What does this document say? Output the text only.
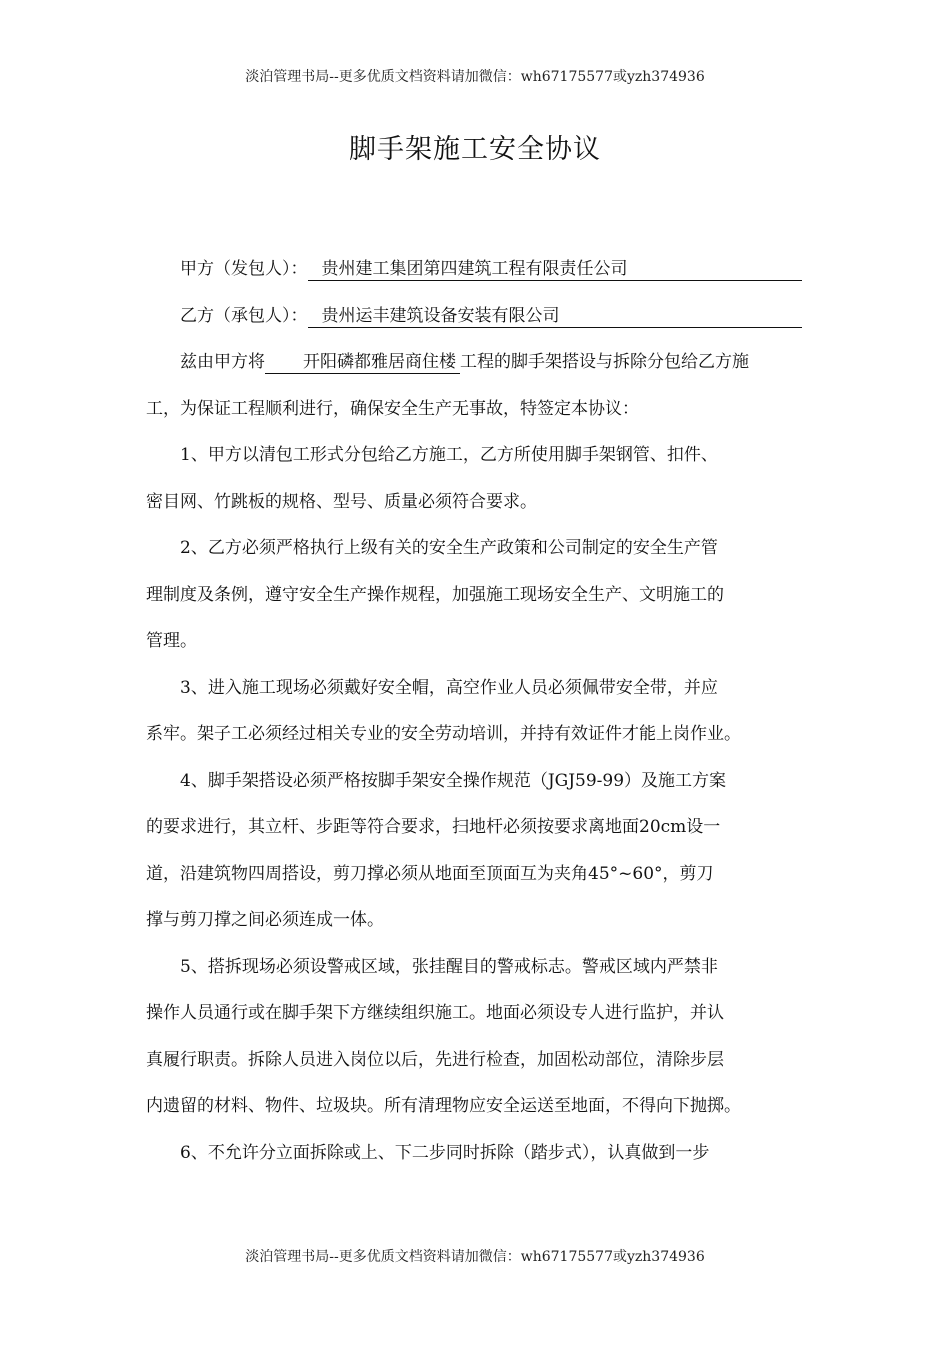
淡泊管理书局--更多优质文档资料请加微信：wh67175577或yzh374936
脚手架施工安全协议
甲方（发包人）： 贵州建工集团第四建筑工程有限责任公司
乙方（承包人）： 贵州运丰建筑设备安装有限公司

兹由甲方将 开阳磷都雅居商住楼 工程的脚手架搭设与拆除分包给乙方施

工，为保证工程顺利进行，确保安全生产无事故，特签定本协议：

1、甲方以清包工形式分包给乙方施工，乙方所使用脚手架钢管、扣件、

密目网、竹跳板的规格、型号、质量必须符合要求。

2、乙方必须严格执行上级有关的安全生产政策和公司制定的安全生产管

理制度及条例，遵守安全生产操作规程，加强施工现场安全生产、文明施工的
管理。

3、进入施工现场必须戴好安全帽，高空作业人员必须佩带安全带，并应

系牢。架子工必须经过相关专业的安全劳动培训，并持有效证件才能上岗作业。

4、脚手架搭设必须严格按脚手架安全操作规范（JGJ59-99）及施工方案

的要求进行，其立杆、步距等符合要求，扫地杆必须按要求离地面20cm设一
道，沿建筑物四周搭设，剪刀撑必须从地面至顶面互为夹角45°~60°，剪刀
撑与剪刀撑之间必须连成一体。

5、搭拆现场必须设警戒区域，张挂醒目的警戒标志。警戒区域内严禁非

操作人员通行或在脚手架下方继续组织施工。地面必须设专人进行监护，并认
真履行职责。拆除人员进入岗位以后，先进行检查，加固松动部位，清除步层
内遗留的材料、物件、垃圾块。所有清理物应安全运送至地面，不得向下抛掷。

6、不允许分立面拆除或上、下二步同时拆除（踏步式），认真做到一步

淡泊管理书局--更多优质文档资料请加微信：wh67175577或yzh374936
